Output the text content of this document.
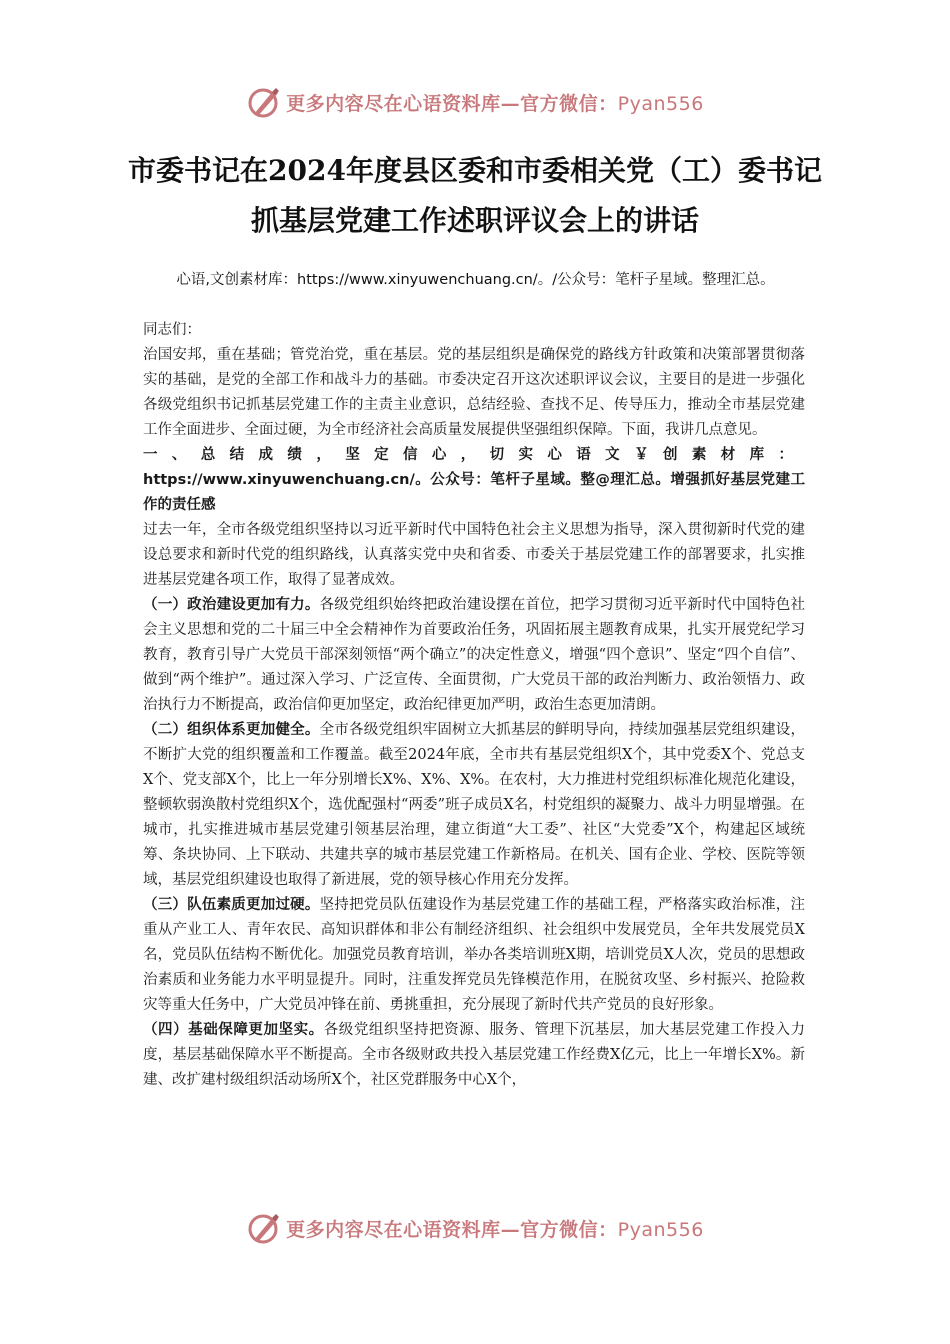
更多内容尽在心语资料库—官方微信：Pyan556
市委书记在2024年度县区委和市委相关党（工）委书记抓基层党建工作述职评议会上的讲话
心语,文创素材库：https://www.xinyuwenchuang.cn/。/公众号：笔杆子星域。整理汇总。

同志们：

治国安邦，重在基础；管党治党，重在基层。党的基层组织是确保党的路线方针政策和决策部署贯彻落实的基础，是党的全部工作和战斗力的基础。市委决定召开这次述职评议会议，主要目的是进一步强化各级党组织书记抓基层党建工作的主责主业意识，总结经验、查找不足、传导压力，推动全市基层党建工作全面进步、全面过硬，为全市经济社会高质量发展提供坚强组织保障。下面，我讲几点意见。

一、总结成绩，坚定信心，切实心语文￥创素材库：https://www.xinyuwenchuang.cn/。公众号：笔杆子星域。整@理汇总。增强抓好基层党建工作的责任感

过去一年，全市各级党组织坚持以习近平新时代中国特色社会主义思想为指导，深入贯彻新时代党的建设总要求和新时代党的组织路线，认真落实党中央和省委、市委关于基层党建工作的部署要求，扎实推进基层党建各项工作，取得了显著成效。

（一）政治建设更加有力。各级党组织始终把政治建设摆在首位，把学习贯彻习近平新时代中国特色社会主义思想和党的二十届三中全会精神作为首要政治任务，巩固拓展主题教育成果，扎实开展党纪学习教育，教育引导广大党员干部深刻领悟“两个确立”的决定性意义，增强“四个意识”、坚定“四个自信”、做到“两个维护”。通过深入学习、广泛宣传、全面贯彻，广大党员干部的政治判断力、政治领悟力、政治执行力不断提高，政治信仰更加坚定，政治纪律更加严明，政治生态更加清朗。

（二）组织体系更加健全。全市各级党组织牢固树立大抓基层的鲜明导向，持续加强基层党组织建设，不断扩大党的组织覆盖和工作覆盖。截至2024年底，全市共有基层党组织X个，其中党委X个、党总支X个、党支部X个，比上一年分别增长X%、X%、X%。在农村，大力推进村党组织标准化规范化建设，整顿软弱涣散村党组织X个，选优配强村“两委”班子成员X名，村党组织的凝聚力、战斗力明显增强。在城市，扎实推进城市基层党建引领基层治理，建立街道“大工委”、社区“大党委”X个，构建起区域统筹、条块协同、上下联动、共建共享的城市基层党建工作新格局。在机关、国有企业、学校、医院等领域，基层党组织建设也取得了新进展，党的领导核心作用充分发挥。

（三）队伍素质更加过硬。坚持把党员队伍建设作为基层党建工作的基础工程，严格落实政治标准，注重从产业工人、青年农民、高知识群体和非公有制经济组织、社会组织中发展党员，全年共发展党员X名，党员队伍结构不断优化。加强党员教育培训，举办各类培训班X期，培训党员X人次，党员的思想政治素质和业务能力水平明显提升。同时，注重发挥党员先锋模范作用，在脱贫攻坚、乡村振兴、抢险救灾等重大任务中，广大党员冲锋在前、勇挑重担，充分展现了新时代共产党员的良好形象。

（四）基础保障更加坚实。各级党组织坚持把资源、服务、管理下沉基层，加大基层党建工作投入力度，基层基础保障水平不断提高。全市各级财政共投入基层党建工作经费X亿元，比上一年增长X%。新建、改扩建村级组织活动场所X个，社区党群服务中心X个，

更多内容尽在心语资料库—官方微信：Pyan556
